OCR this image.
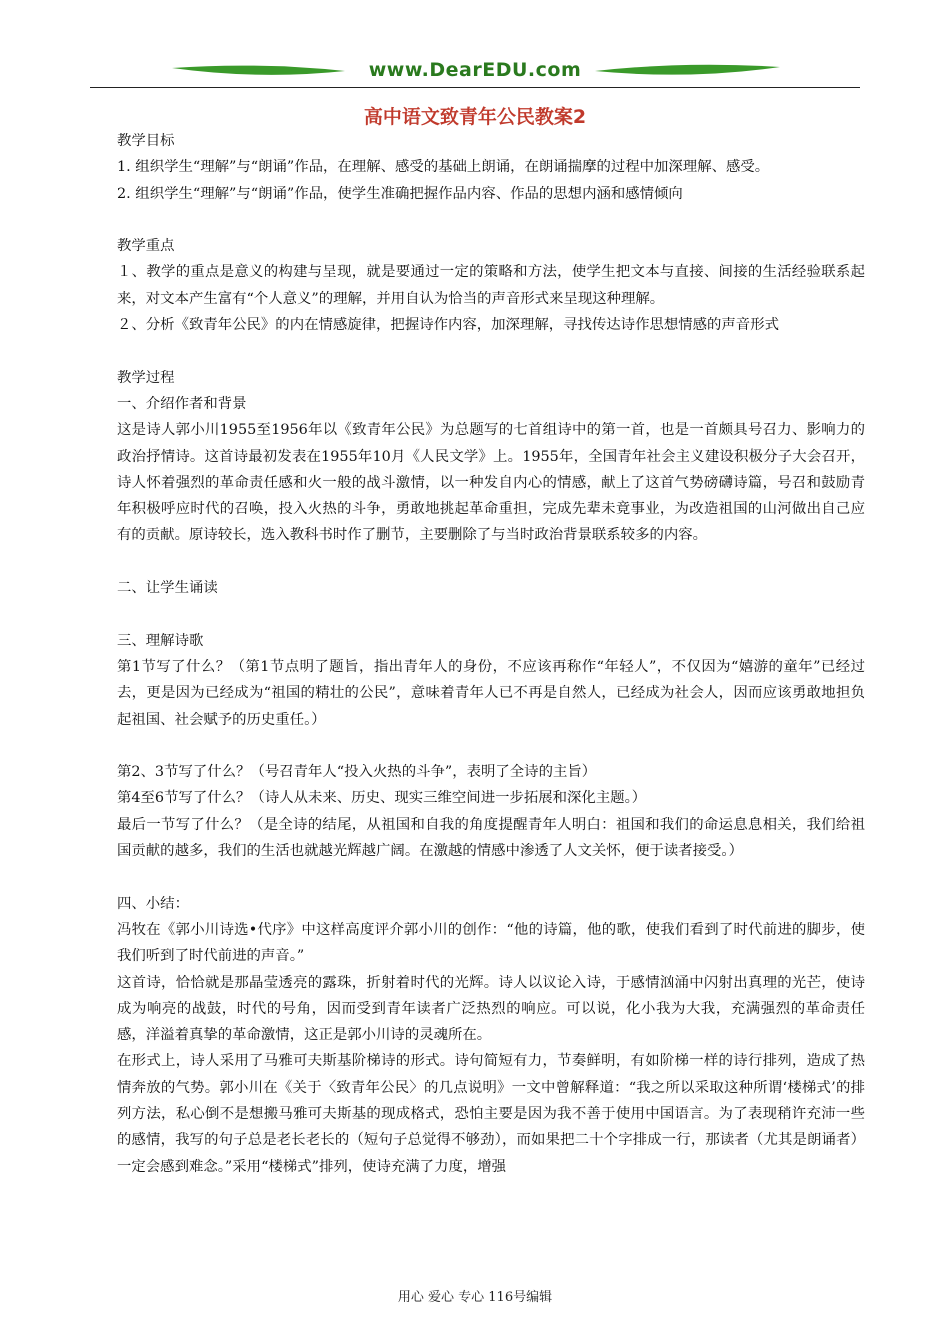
www.DearEDU.com
高中语文致青年公民教案2

教学目标

1. 组织学生“理解”与“朗诵”作品，在理解、感受的基础上朗诵，在朗诵揣摩的过程中加深理解、感受。

2. 组织学生“理解”与“朗诵”作品，使学生准确把握作品内容、作品的思想内涵和感情倾向

教学重点

１、教学的重点是意义的构建与呈现，就是要通过一定的策略和方法，使学生把文本与直接、间接的生活经验联系起来，对文本产生富有“个人意义”的理解，并用自认为恰当的声音形式来呈现这种理解。

２、分析《致青年公民》的内在情感旋律，把握诗作内容，加深理解，寻找传达诗作思想情感的声音形式

教学过程

一、介绍作者和背景

这是诗人郭小川1955至1956年以《致青年公民》为总题写的七首组诗中的第一首，也是一首颇具号召力、影响力的政治抒情诗。这首诗最初发表在1955年10月《人民文学》上。1955年，全国青年社会主义建设积极分子大会召开，诗人怀着强烈的革命责任感和火一般的战斗激情，以一种发自内心的情感，献上了这首气势磅礴诗篇，号召和鼓励青年积极呼应时代的召唤，投入火热的斗争，勇敢地挑起革命重担，完成先辈未竟事业，为改造祖国的山河做出自己应有的贡献。原诗较长，选入教科书时作了删节，主要删除了与当时政治背景联系较多的内容。

二、让学生诵读

三、理解诗歌

第1节写了什么？（第1节点明了题旨，指出青年人的身份，不应该再称作“年轻人”，不仅因为“嬉游的童年”已经过去，更是因为已经成为“祖国的精壮的公民”，意味着青年人已不再是自然人，已经成为社会人，因而应该勇敢地担负起祖国、社会赋予的历史重任。）

第2、3节写了什么？（号召青年人“投入火热的斗争”，表明了全诗的主旨）

第4至6节写了什么？（诗人从未来、历史、现实三维空间进一步拓展和深化主题。）

最后一节写了什么？（是全诗的结尾，从祖国和自我的角度提醒青年人明白：祖国和我们的命运息息相关，我们给祖国贡献的越多，我们的生活也就越光辉越广阔。在激越的情感中渗透了人文关怀，便于读者接受。）

四、小结：

冯牧在《郭小川诗选•代序》中这样高度评介郭小川的创作：“他的诗篇，他的歌，使我们看到了时代前进的脚步，使我们听到了时代前进的声音。”

这首诗，恰恰就是那晶莹透亮的露珠，折射着时代的光辉。诗人以议论入诗，于感情汹涌中闪射出真理的光芒，使诗成为响亮的战鼓，时代的号角，因而受到青年读者广泛热烈的响应。可以说，化小我为大我，充满强烈的革命责任感，洋溢着真挚的革命激情，这正是郭小川诗的灵魂所在。

在形式上，诗人采用了马雅可夫斯基阶梯诗的形式。诗句简短有力，节奏鲜明，有如阶梯一样的诗行排列，造成了热情奔放的气势。郭小川在《关于〈致青年公民〉的几点说明》一文中曾解释道：“我之所以采取这种所谓‘楼梯式’的排列方法，私心倒不是想搬马雅可夫斯基的现成格式，恐怕主要是因为我不善于使用中国语言。为了表现稍许充沛一些的感情，我写的句子总是老长老长的（短句子总觉得不够劲），而如果把二十个字排成一行，那读者（尤其是朗诵者）一定会感到难念。”采用“楼梯式”排列，使诗充满了力度，增强

用心 爱心 专心 116号编辑
